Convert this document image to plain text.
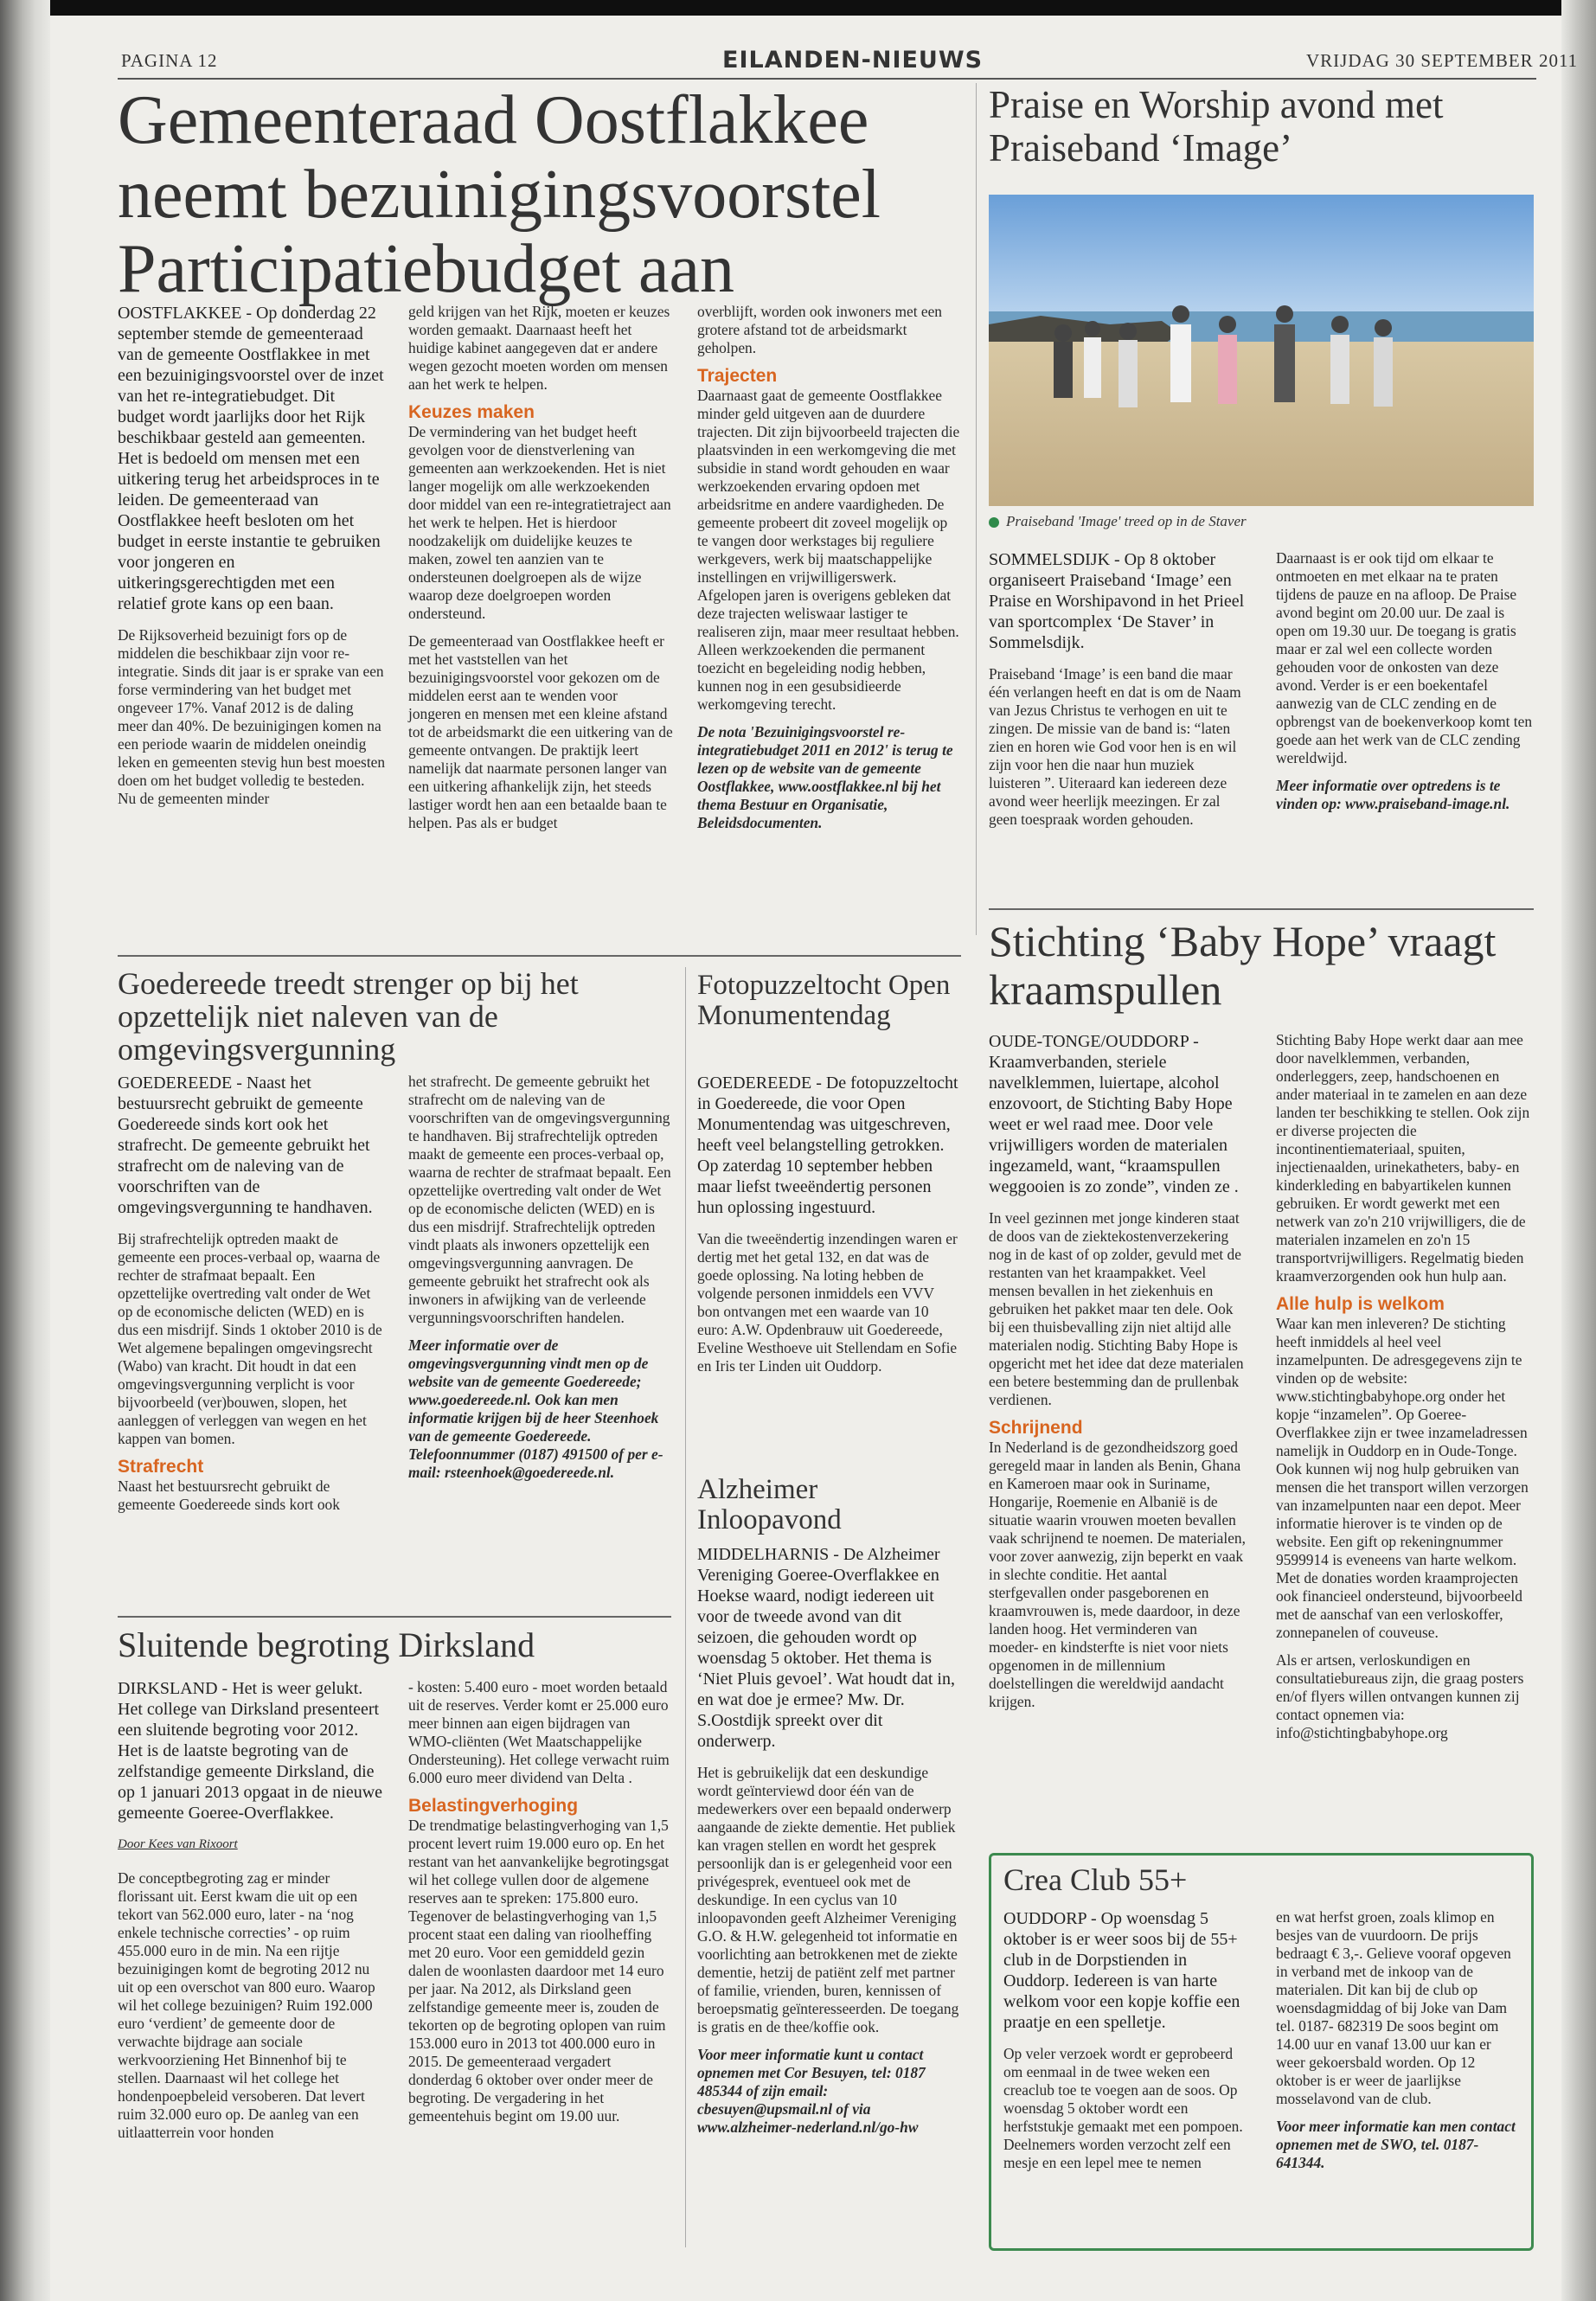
PAGINA 12	EILANDEN-NIEUWS	VRIJDAG 30 SEPTEMBER 2011
Gemeenteraad Oostflakkee neemt bezuinigingsvoorstel Participatiebudget aan

OOSTFLAKKEE - Op donderdag 22 september stemde de gemeenteraad van de gemeente Oostflakkee in met een bezuinigingsvoorstel over de inzet van het re-integratiebudget. Dit budget wordt jaarlijks door het Rijk beschikbaar gesteld aan gemeenten. Het is bedoeld om mensen met een uitkering terug het arbeidsproces in te leiden. De gemeenteraad van Oostflakkee heeft besloten om het budget in eerste instantie te gebruiken voor jongeren en uitkeringsgerechtigden met een relatief grote kans op een baan.

De Rijksoverheid bezuinigt fors op de middelen die beschikbaar zijn voor re-integratie. Sinds dit jaar is er sprake van een forse vermindering van het budget met ongeveer 17%. Vanaf 2012 is de daling meer dan 40%. De bezuinigingen komen na een periode waarin de middelen oneindig leken en gemeenten stevig hun best moesten doen om het budget volledig te besteden. Nu de gemeenten minder

geld krijgen van het Rijk, moeten er keuzes worden gemaakt. Daarnaast heeft het huidige kabinet aangegeven dat er andere wegen gezocht moeten worden om mensen aan het werk te helpen.

Keuzes maken

De vermindering van het budget heeft gevolgen voor de dienstverlening van gemeenten aan werkzoekenden. Het is niet langer mogelijk om alle werkzoekenden door middel van een re-integratietraject aan het werk te helpen. Het is hierdoor noodzakelijk om duidelijke keuzes te maken, zowel ten aanzien van te ondersteunen doelgroepen als de wijze waarop deze doelgroepen worden ondersteund.

De gemeenteraad van Oostflakkee heeft er met het vaststellen van het bezuinigingsvoorstel voor gekozen om de middelen eerst aan te wenden voor jongeren en mensen met een kleine afstand tot de arbeidsmarkt die een uitkering van de gemeente ontvangen. De praktijk leert namelijk dat naarmate personen langer van een uitkering afhankelijk zijn, het steeds lastiger wordt hen aan een betaalde baan te helpen. Pas als er budget

overblijft, worden ook inwoners met een grotere afstand tot de arbeidsmarkt geholpen.

Trajecten

Daarnaast gaat de gemeente Oostflakkee minder geld uitgeven aan de duurdere trajecten. Dit zijn bijvoorbeeld trajecten die plaatsvinden in een werkomgeving die met subsidie in stand wordt gehouden en waar werkzoekenden ervaring opdoen met arbeidsritme en andere vaardigheden. De gemeente probeert dit zoveel mogelijk op te vangen door werkstages bij reguliere werkgevers, werk bij maatschappelijke instellingen en vrijwilligerswerk. Afgelopen jaren is overigens gebleken dat deze trajecten weliswaar lastiger te realiseren zijn, maar meer resultaat hebben. Alleen werkzoekenden die permanent toezicht en begeleiding nodig hebben, kunnen nog in een gesubsidieerde werkomgeving terecht.

De nota 'Bezuinigingsvoorstel re-integratiebudget 2011 en 2012' is terug te lezen op de website van de gemeente Oostflakkee, www.oostflakkee.nl bij het thema Bestuur en Organisatie, Beleidsdocumenten.

Praise en Worship avond met Praiseband ‘Image’
Praiseband 'Image' treed op in de Staver

SOMMELSDIJK - Op 8 oktober organiseert Praiseband ‘Image’ een Praise en Worshipavond in het Prieel van sportcomplex ‘De Staver’ in Sommelsdijk.

Praiseband ‘Image’ is een band die maar één verlangen heeft en dat is om de Naam van Jezus Christus te verhogen en uit te zingen. De missie van de band is: “laten zien en horen wie God voor hen is en wil zijn voor hen die naar hun muziek luisteren ”. Uiteraard kan iedereen deze avond weer heerlijk meezingen. Er zal geen toespraak worden gehouden.

Daarnaast is er ook tijd om elkaar te ontmoeten en met elkaar na te praten tijdens de pauze en na afloop. De Praise avond begint om 20.00 uur. De zaal is open om 19.30 uur. De toegang is gratis maar er zal wel een collecte worden gehouden voor de onkosten van deze avond. Verder is er een boekentafel aanwezig van de CLC zending en de opbrengst van de boekenverkoop komt ten goede aan het werk van de CLC zending wereldwijd.

Meer informatie over optredens is te vinden op: www.praiseband-image.nl.

Goedereede treedt strenger op bij het opzettelijk niet naleven van de omgevingsvergunning

GOEDEREEDE - Naast het bestuursrecht gebruikt de gemeente Goedereede sinds kort ook het strafrecht. De gemeente gebruikt het strafrecht om de naleving van de voorschriften van de omgevingsvergunning te handhaven.

Bij strafrechtelijk optreden maakt de gemeente een proces-verbaal op, waarna de rechter de strafmaat bepaalt. Een opzettelijke overtreding valt onder de Wet op de economische delicten (WED) en is dus een misdrijf. Sinds 1 oktober 2010 is de Wet algemene bepalingen omgevingsrecht (Wabo) van kracht. Dit houdt in dat een omgevingsvergunning verplicht is voor bijvoorbeeld (ver)bouwen, slopen, het aanleggen of verleggen van wegen en het kappen van bomen.

Strafrecht

Naast het bestuursrecht gebruikt de gemeente Goedereede sinds kort ook

het strafrecht. De gemeente gebruikt het strafrecht om de naleving van de voorschriften van de omgevingsvergunning te handhaven. Bij strafrechtelijk optreden maakt de gemeente een proces-verbaal op, waarna de rechter de strafmaat bepaalt. Een opzettelijke overtreding valt onder de Wet op de economische delicten (WED) en is dus een misdrijf. Strafrechtelijk optreden vindt plaats als inwoners opzettelijk een omgevingsvergunning aanvragen. De gemeente gebruikt het strafrecht ook als inwoners in afwijking van de verleende vergunningsvoorschriften handelen.

Meer informatie over de omgevingsvergunning vindt men op de website van de gemeente Goedereede; www.goedereede.nl. Ook kan men informatie krijgen bij de heer Steenhoek van de gemeente Goedereede. Telefoonnummer (0187) 491500 of per e-mail: rsteenhoek@goedereede.nl.

Fotopuzzeltocht Open Monumentendag

GOEDEREEDE - De fotopuzzeltocht in Goedereede, die voor Open Monumentendag was uitgeschreven, heeft veel belangstelling getrokken. Op zaterdag 10 september hebben maar liefst tweeëndertig personen hun oplossing ingestuurd.

Van die tweeëndertig inzendingen waren er dertig met het getal 132, en dat was de goede oplossing. Na loting hebben de volgende personen inmiddels een VVV bon ontvangen met een waarde van 10 euro: A.W. Opdenbrauw uit Goedereede, Eveline Westhoeve uit Stellendam en Sofie en Iris ter Linden uit Ouddorp.

Alzheimer Inloopavond

MIDDELHARNIS - De Alzheimer Vereniging Goeree-Overflakkee en Hoekse waard, nodigt iedereen uit voor de tweede avond van dit seizoen, die gehouden wordt op woensdag 5 oktober. Het thema is ‘Niet Pluis gevoel’. Wat houdt dat in, en wat doe je ermee? Mw. Dr. S.Oostdijk spreekt over dit onderwerp.

Het is gebruikelijk dat een deskundige wordt geïnterviewd door één van de medewerkers over een bepaald onderwerp aangaande de ziekte dementie. Het publiek kan vragen stellen en wordt het gesprek persoonlijk dan is er gelegenheid voor een privégesprek, eventueel ook met de deskundige. In een cyclus van 10 inloopavonden geeft Alzheimer Vereniging G.O. & H.W. gelegenheid tot informatie en voorlichting aan betrokkenen met de ziekte dementie, hetzij de patiënt zelf met partner of familie, vrienden, buren, kennissen of beroepsmatig geïnteresseerden. De toegang is gratis en de thee/koffie ook.

Voor meer informatie kunt u contact opnemen met Cor Besuyen, tel: 0187 485344 of zijn email: cbesuyen@upsmail.nl of via www.alzheimer-nederland.nl/go-hw

Sluitende begroting Dirksland

DIRKSLAND - Het is weer gelukt. Het college van Dirksland presenteert een sluitende begroting voor 2012. Het is de laatste begroting van de zelfstandige gemeente Dirksland, die op 1 januari 2013 opgaat in de nieuwe gemeente Goeree-Overflakkee.

Door Kees van Rixoort

De conceptbegroting zag er minder florissant uit. Eerst kwam die uit op een tekort van 562.000 euro, later - na ‘nog enkele technische correcties’ - op ruim 455.000 euro in de min. Na een rijtje bezuinigingen komt de begroting 2012 nu uit op een overschot van 800 euro. Waarop wil het college bezuinigen? Ruim 192.000 euro ‘verdient’ de gemeente door de verwachte bijdrage aan sociale werkvoorziening Het Binnenhof bij te stellen. Daarnaast wil het college het hondenpoepbeleid versoberen. Dat levert ruim 32.000 euro op. De aanleg van een uitlaatterrein voor honden

- kosten: 5.400 euro - moet worden betaald uit de reserves. Verder komt er 25.000 euro meer binnen aan eigen bijdragen van WMO-cliënten (Wet Maatschappelijke Ondersteuning). Het college verwacht ruim 6.000 euro meer dividend van Delta .

Belastingverhoging

De trendmatige belastingverhoging van 1,5 procent levert ruim 19.000 euro op. En het restant van het aanvankelijke begrotingsgat wil het college vullen door de algemene reserves aan te spreken: 175.800 euro. Tegenover de belastingverhoging van 1,5 procent staat een daling van rioolheffing met 20 euro. Voor een gemiddeld gezin dalen de woonlasten daardoor met 14 euro per jaar. Na 2012, als Dirksland geen zelfstandige gemeente meer is, zouden de tekorten op de begroting oplopen van ruim 153.000 euro in 2013 tot 400.000 euro in 2015. De gemeenteraad vergadert donderdag 6 oktober over onder meer de begroting. De vergadering in het gemeentehuis begint om 19.00 uur.

Stichting ‘Baby Hope’ vraagt kraamspullen

OUDE-TONGE/OUDDORP - Kraamverbanden, steriele navelklemmen, luiertape, alcohol enzovoort, de Stichting Baby Hope weet er wel raad mee. Door vele vrijwilligers worden de materialen ingezameld, want, “kraamspullen weggooien is zo zonde”, vinden ze .

In veel gezinnen met jonge kinderen staat de doos van de ziektekostenverzekering nog in de kast of op zolder, gevuld met de restanten van het kraampakket. Veel mensen bevallen in het ziekenhuis en gebruiken het pakket maar ten dele. Ook bij een thuisbevalling zijn niet altijd alle materialen nodig. Stichting Baby Hope is opgericht met het idee dat deze materialen een betere bestemming dan de prullenbak verdienen.

Schrijnend

In Nederland is de gezondheidszorg goed geregeld maar in landen als Benin, Ghana en Kameroen maar ook in Suriname, Hongarije, Roemenie en Albanië is de situatie waarin vrouwen moeten bevallen vaak schrijnend te noemen. De materialen, voor zover aanwezig, zijn beperkt en vaak in slechte conditie. Het aantal sterfgevallen onder pasgeborenen en kraamvrouwen is, mede daardoor, in deze landen hoog. Het verminderen van moeder- en kindsterfte is niet voor niets opgenomen in de millennium doelstellingen die wereldwijd aandacht krijgen.

Stichting Baby Hope werkt daar aan mee door navelklemmen, verbanden, onderleggers, zeep, handschoenen en ander materiaal in te zamelen en aan deze landen ter beschikking te stellen. Ook zijn er diverse projecten die incontinentiemateriaal, spuiten, injectienaalden, urinekatheters, baby- en kinderkleding en babyartikelen kunnen gebruiken. Er wordt gewerkt met een netwerk van zo'n 210 vrijwilligers, die de materialen inzamelen en zo'n 15 transportvrijwilligers. Regelmatig bieden kraamverzorgenden ook hun hulp aan.

Alle hulp is welkom

Waar kan men inleveren? De stichting heeft inmiddels al heel veel inzamelpunten. De adresgegevens zijn te vinden op de website: www.stichtingbabyhope.org onder het kopje “inzamelen”. Op Goeree-Overflakkee zijn er twee inzameladressen namelijk in Ouddorp en in Oude-Tonge. Ook kunnen wij nog hulp gebruiken van mensen die het transport willen verzorgen van inzamelpunten naar een depot. Meer informatie hierover is te vinden op de website. Een gift op rekeningnummer 9599914 is eveneens van harte welkom. Met de donaties worden kraamprojecten ook financieel ondersteund, bijvoorbeeld met de aanschaf van een verloskoffer, zonnepanelen of couveuse.

Als er artsen, verloskundigen en consultatiebureaus zijn, die graag posters en/of flyers willen ontvangen kunnen zij contact opnemen via: info@stichtingbabyhope.org

Crea Club 55+

OUDDORP - Op woensdag 5 oktober is er weer soos bij de 55+ club in de Dorpstienden in Ouddorp. Iedereen is van harte welkom voor een kopje koffie een praatje en een spelletje.

Op veler verzoek wordt er geprobeerd om eenmaal in de twee weken een creaclub toe te voegen aan de soos. Op woensdag 5 oktober wordt een herfststukje gemaakt met een pompoen. Deelnemers worden verzocht zelf een mesje en een lepel mee te nemen

en wat herfst groen, zoals klimop en besjes van de vuurdoorn. De prijs bedraagt € 3,-. Gelieve vooraf opgeven in verband met de inkoop van de materialen. Dit kan bij de club op woensdagmiddag of bij Joke van Dam tel. 0187- 682319 De soos begint om 14.00 uur en vanaf 13.00 uur kan er weer gekoersbald worden. Op 12 oktober is er weer de jaarlijkse mosselavond van de club.

Voor meer informatie kan men contact opnemen met de SWO, tel. 0187-641344.
